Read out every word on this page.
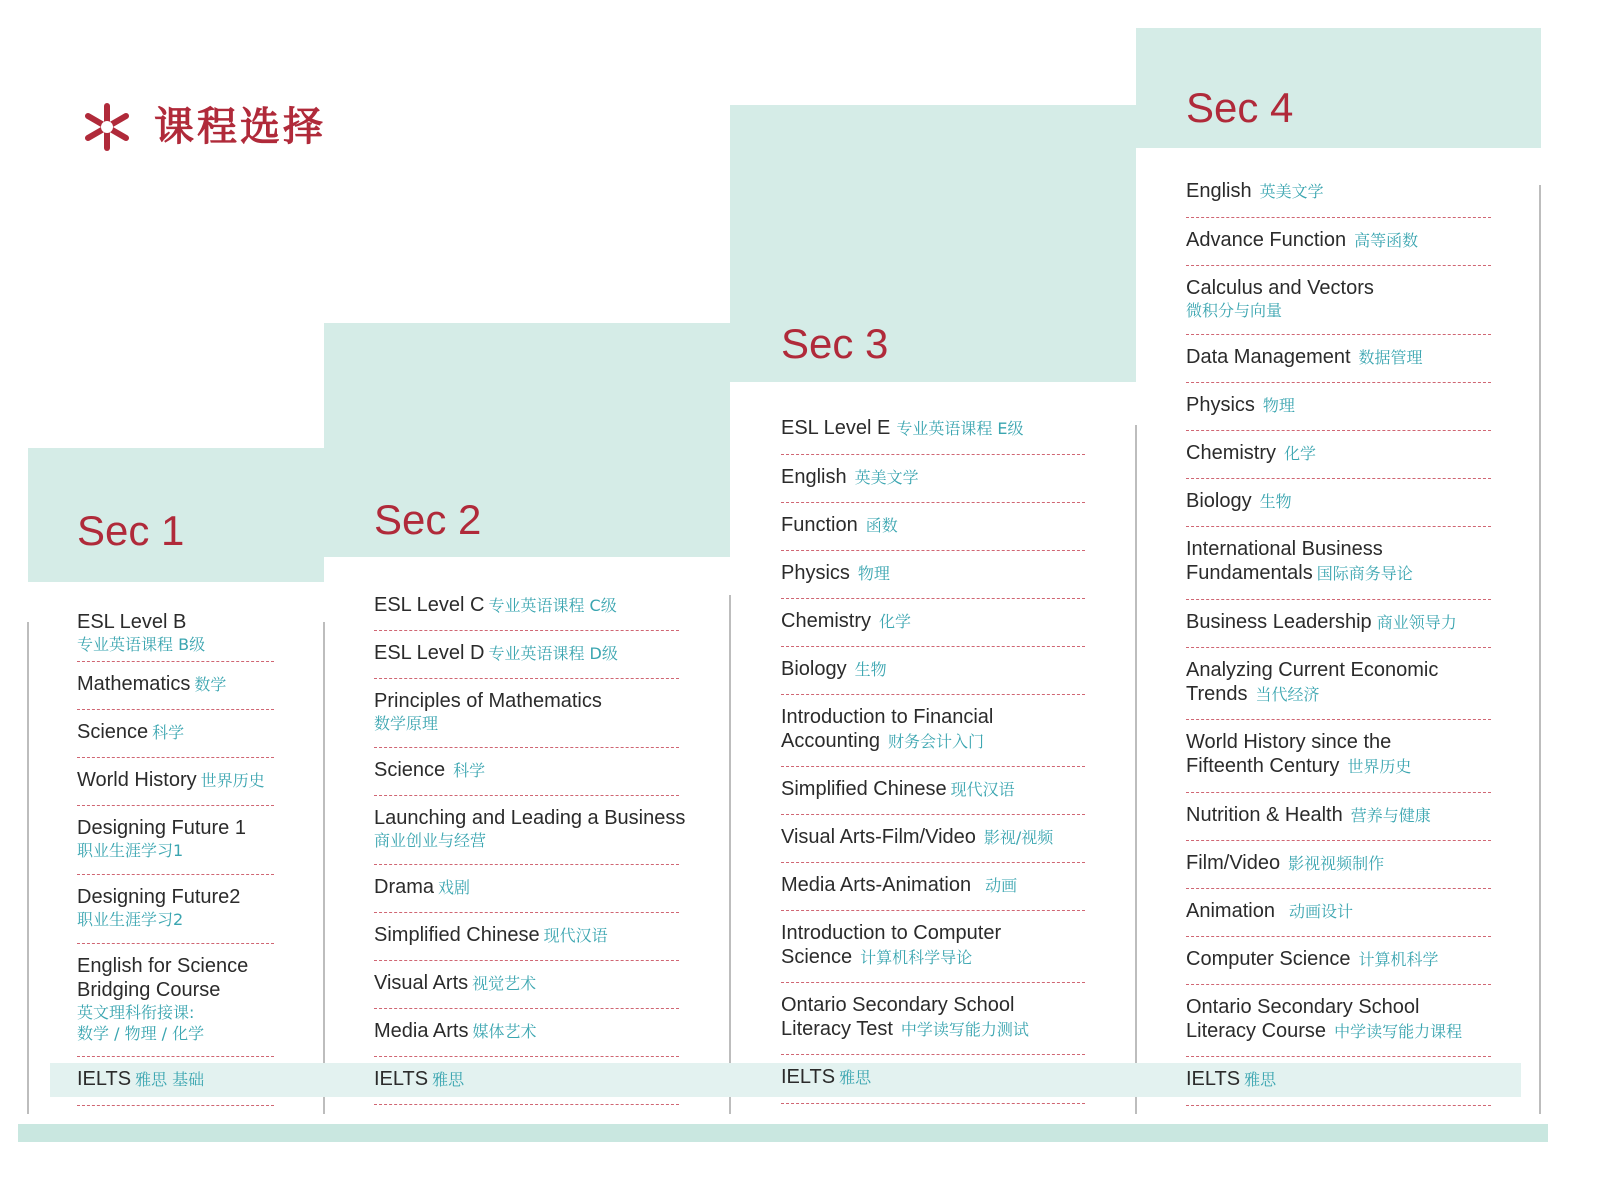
课程选择
Sec 1	Sec 2
Sec 3
Sec 4
ESL Level B
专业英语课程 B级
Mathematics 数学
Science 科学
World History 世界历史
Designing Future 1
职业生涯学习1
Designing Future2
职业生涯学习2
English for Science
Bridging Course
英文理科衔接课:
数学 / 物理 / 化学
IELTS 雅思 基础
ESL Level C 专业英语课程 C级
ESL Level D 专业英语课程 D级
Principles of Mathematics
数学原理
Science 科学
Launching and Leading a Business
商业创业与经营
Drama 戏剧
Simplified Chinese 现代汉语
Visual Arts 视觉艺术
Media Arts 媒体艺术
IELTS 雅思
ESL Level E 专业英语课程 E级
English 英美文学
Function 函数
Physics 物理
Chemistry 化学
Biology 生物
Introduction to Financial
Accounting 财务会计入门
Simplified Chinese 现代汉语
Visual Arts-Film/Video 影视/视频
Media Arts-Animation 动画
Introduction to Computer
Science 计算机科学导论
Ontario Secondary School
Literacy Test 中学读写能力测试
IELTS 雅思
English 英美文学
Advance Function 高等函数
Calculus and Vectors
微积分与向量
Data Management 数据管理
Physics 物理
Chemistry 化学
Biology 生物
International Business
Fundamentals 国际商务导论
Business Leadership 商业领导力
Analyzing Current Economic
Trends 当代经济
World History since the
Fifteenth Century 世界历史
Nutrition & Health 营养与健康
Film/Video 影视视频制作
Animation 动画设计
Computer Science 计算机科学
Ontario Secondary School
Literacy Course 中学读写能力课程
IELTS 雅思
